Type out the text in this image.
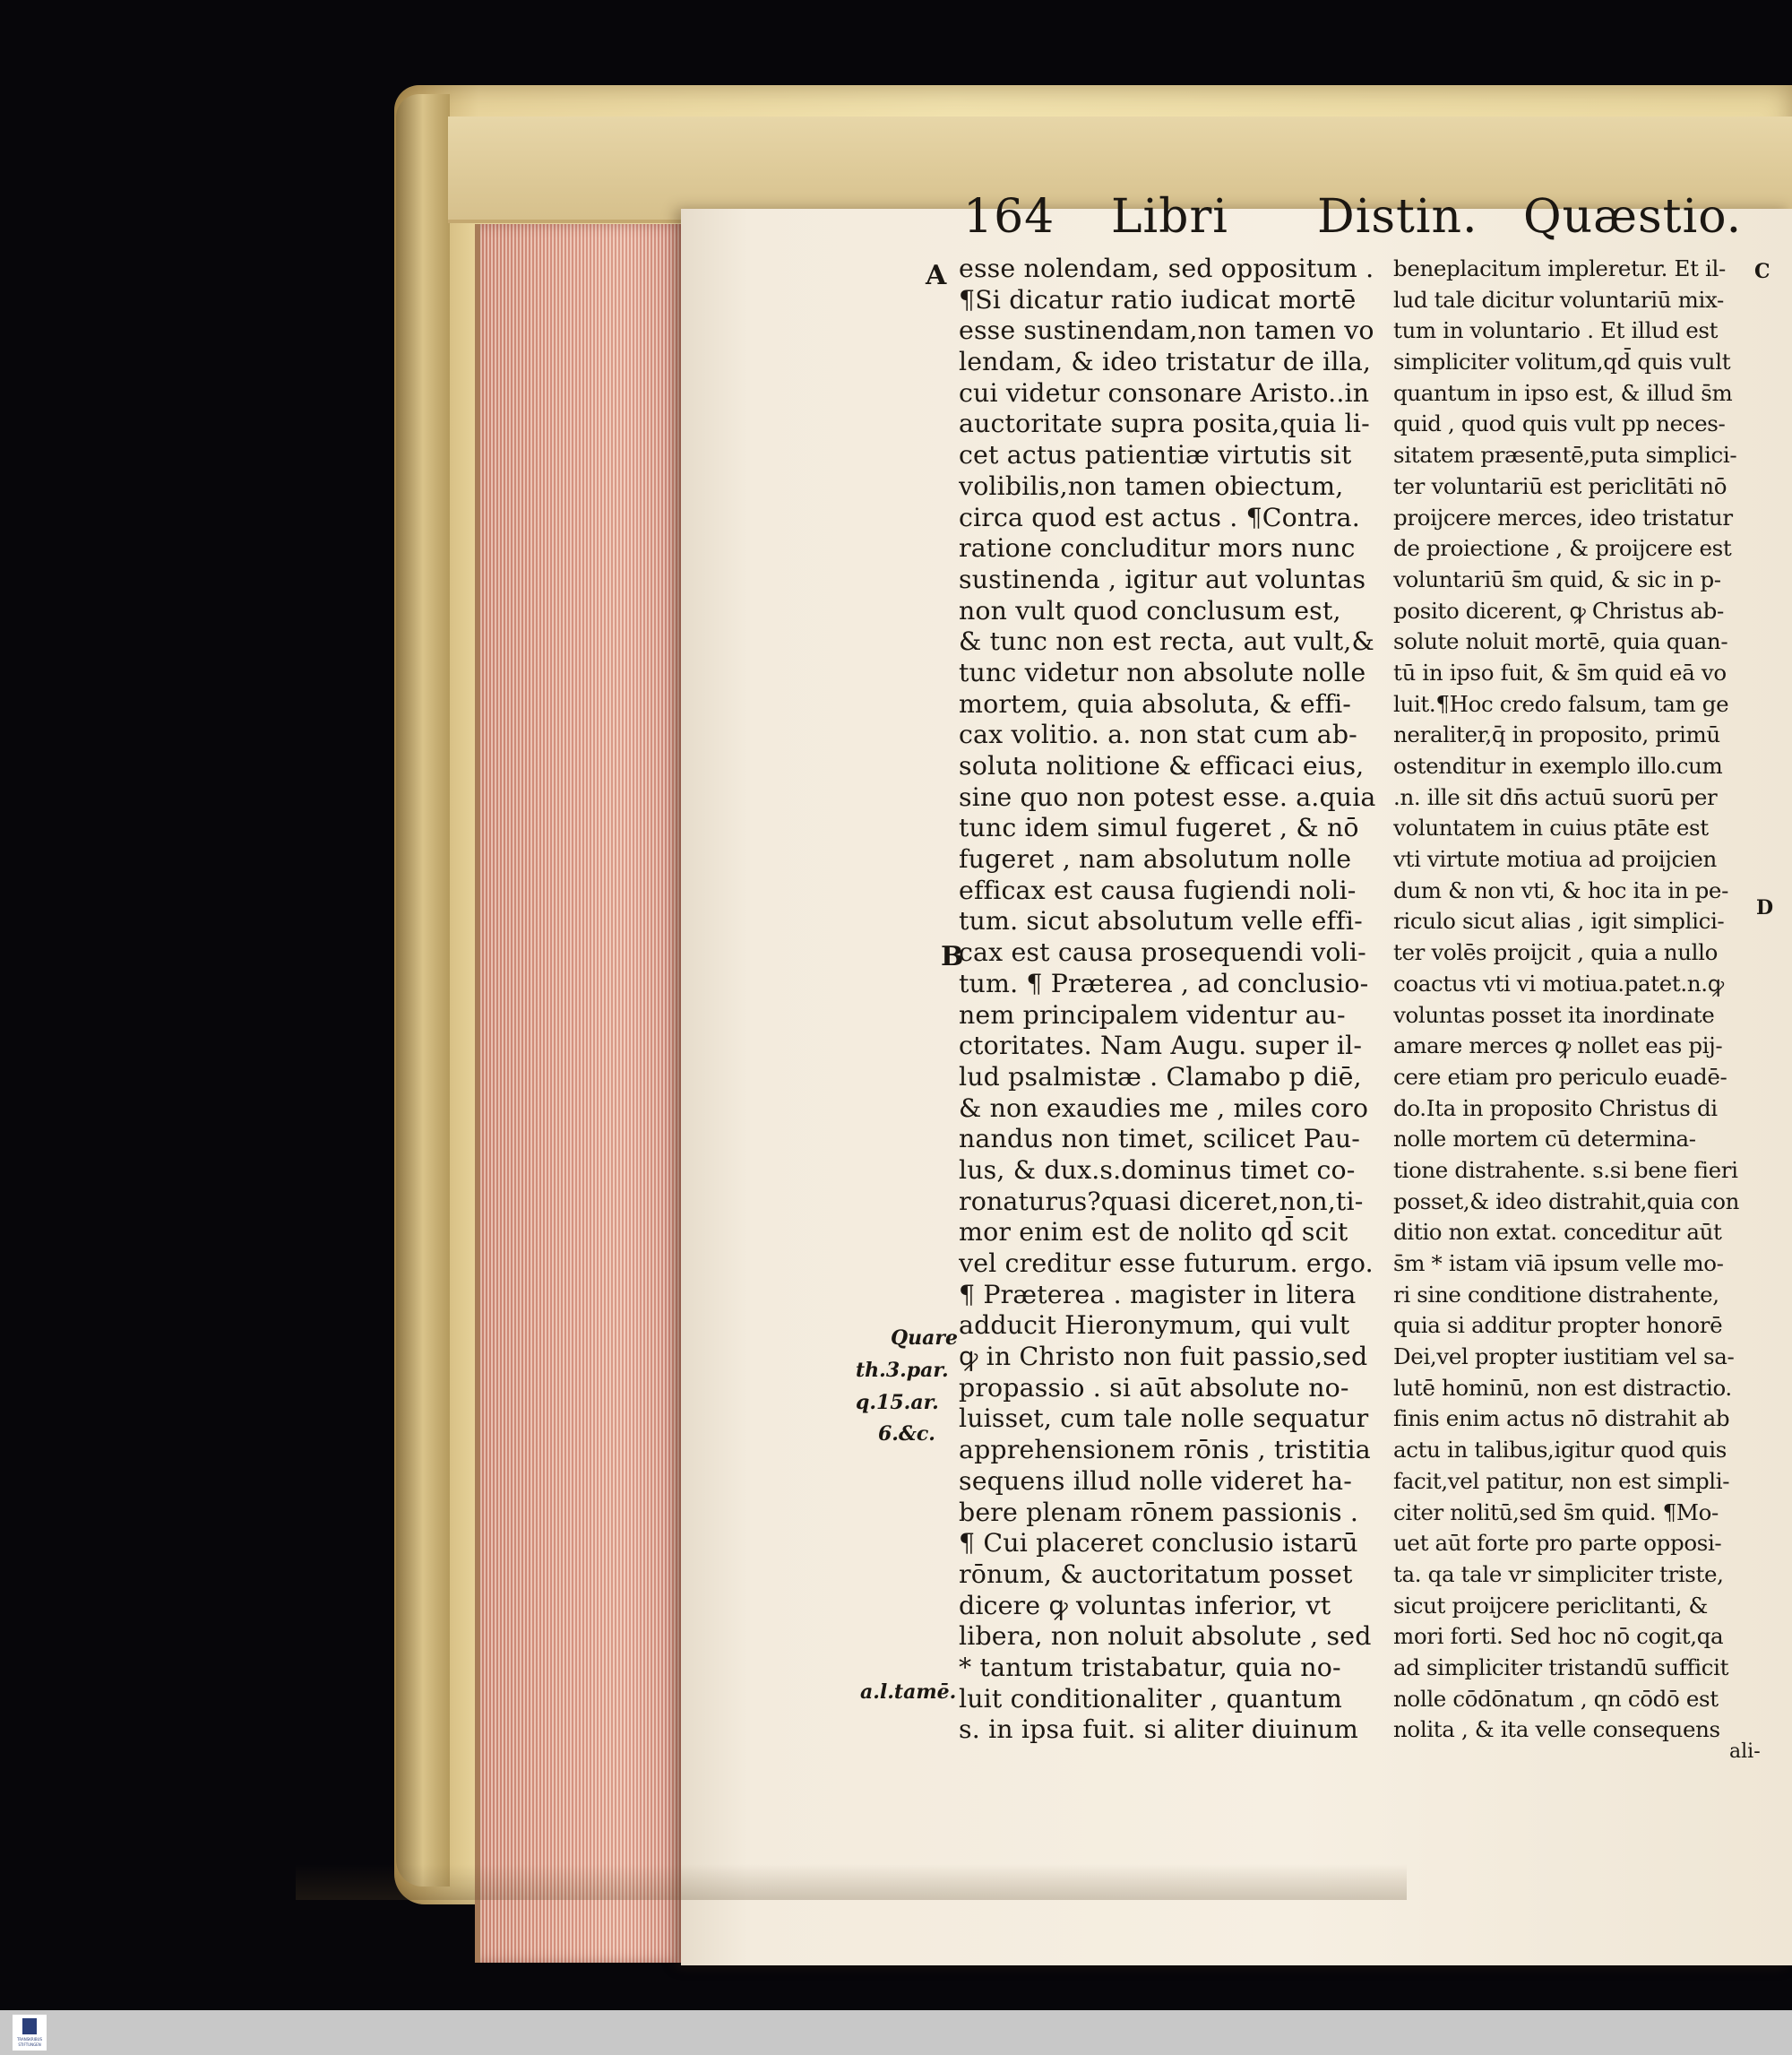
164 Libri Distin. Quæstio.
A
B
C
D
Quare
th.3.par.
q.15.ar.
6.&c.
a.l.tamē.
esse nolendam, sed oppositum .
¶Si dicatur ratio iudicat mortē
esse sustinendam,non tamen vo
lendam, & ideo tristatur de illa,
cui videtur consonare Aristo..in
auctoritate supra posita,quia li-
cet actus patientiæ virtutis sit
volibilis,non tamen obiectum,
circa quod est actus . ¶Contra.
ratione concluditur mors nunc
sustinenda , igitur aut voluntas
non vult quod conclusum est,
& tunc non est recta, aut vult,&
tunc videtur non absolute nolle
mortem, quia absoluta, & effi-
cax volitio. a. non stat cum ab-
soluta nolitione & efficaci eius,
sine quo non potest esse. a.quia
tunc idem simul fugeret , & nō
fugeret , nam absolutum nolle
efficax est causa fugiendi noli-
tum. sicut absolutum velle effi-
cax est causa prosequendi voli-
tum. ¶ Præterea , ad conclusio-
nem principalem videntur au-
ctoritates. Nam Augu. super il-
lud psalmistæ . Clamabo p diē,
& non exaudies me , miles coro
nandus non timet, scilicet Pau-
lus, & dux.s.dominus timet co-
ronaturus?quasi diceret,non,ti-
mor enim est de nolito qd̄ scit
vel creditur esse futurum. ergo.
¶ Præterea . magister in litera
adducit Hieronymum, qui vult
ꝙ in Christo non fuit passio,sed
propassio . si aūt absolute no-
luisset, cum tale nolle sequatur
apprehensionem rōnis , tristitia
sequens illud nolle videret ha-
bere plenam rōnem passionis .
¶ Cui placeret conclusio istarū
rōnum, & auctoritatum posset
dicere ꝙ voluntas inferior, vt
libera, non noluit absolute , sed
* tantum tristabatur, quia no-
luit conditionaliter , quantum
s. in ipsa fuit. si aliter diuinum
beneplacitum impleretur. Et il-
lud tale dicitur voluntariū mix-
tum in voluntario . Et illud est
simpliciter volitum,qd̄ quis vult
quantum in ipso est, & illud s̄m
quid , quod quis vult pp neces-
sitatem præsentē,puta simplici-
ter voluntariū est periclitāti nō
proijcere merces, ideo tristatur
de proiectione , & proijcere est
voluntariū s̄m quid, & sic in p-
posito dicerent, ꝙ Christus ab-
solute noluit mortē, quia quan-
tū in ipso fuit, & s̄m quid eā vo
luit.¶Hoc credo falsum, tam ge
neraliter,q̄ in proposito, primū
ostenditur in exemplo illo.cum
.n. ille sit dn̄s actuū suorū per
voluntatem in cuius ptāte est
vti virtute motiua ad proijcien
dum & non vti, & hoc ita in pe-
riculo sicut alias , igit simplici-
ter volēs proijcit , quia a nullo
coactus vti vi motiua.patet.n.ꝙ
voluntas posset ita inordinate
amare merces ꝙ nollet eas pij-
cere etiam pro periculo euadē-
do.Ita in proposito Christus di
nolle mortem cū determina-
tione distrahente. s.si bene fieri
posset,& ideo distrahit,quia con
ditio non extat. conceditur aūt
s̄m * istam viā ipsum velle mo-
ri sine conditione distrahente,
quia si additur propter honorē
Dei,vel propter iustitiam vel sa-
lutē hominū, non est distractio.
finis enim actus nō distrahit ab
actu in talibus,igitur quod quis
facit,vel patitur, non est simpli-
citer nolitū,sed s̄m quid. ¶Mo-
uet aūt forte pro parte opposi-
ta. qa tale vr simpliciter triste,
sicut proijcere periclitanti, &
mori forti. Sed hoc nō cogit,qa
ad simpliciter tristandū sufficit
nolle cōdōnatum , qn cōdō est
nolita , & ita velle consequens
ali-
TRANSKRIBUS
STIFTUNGEN
